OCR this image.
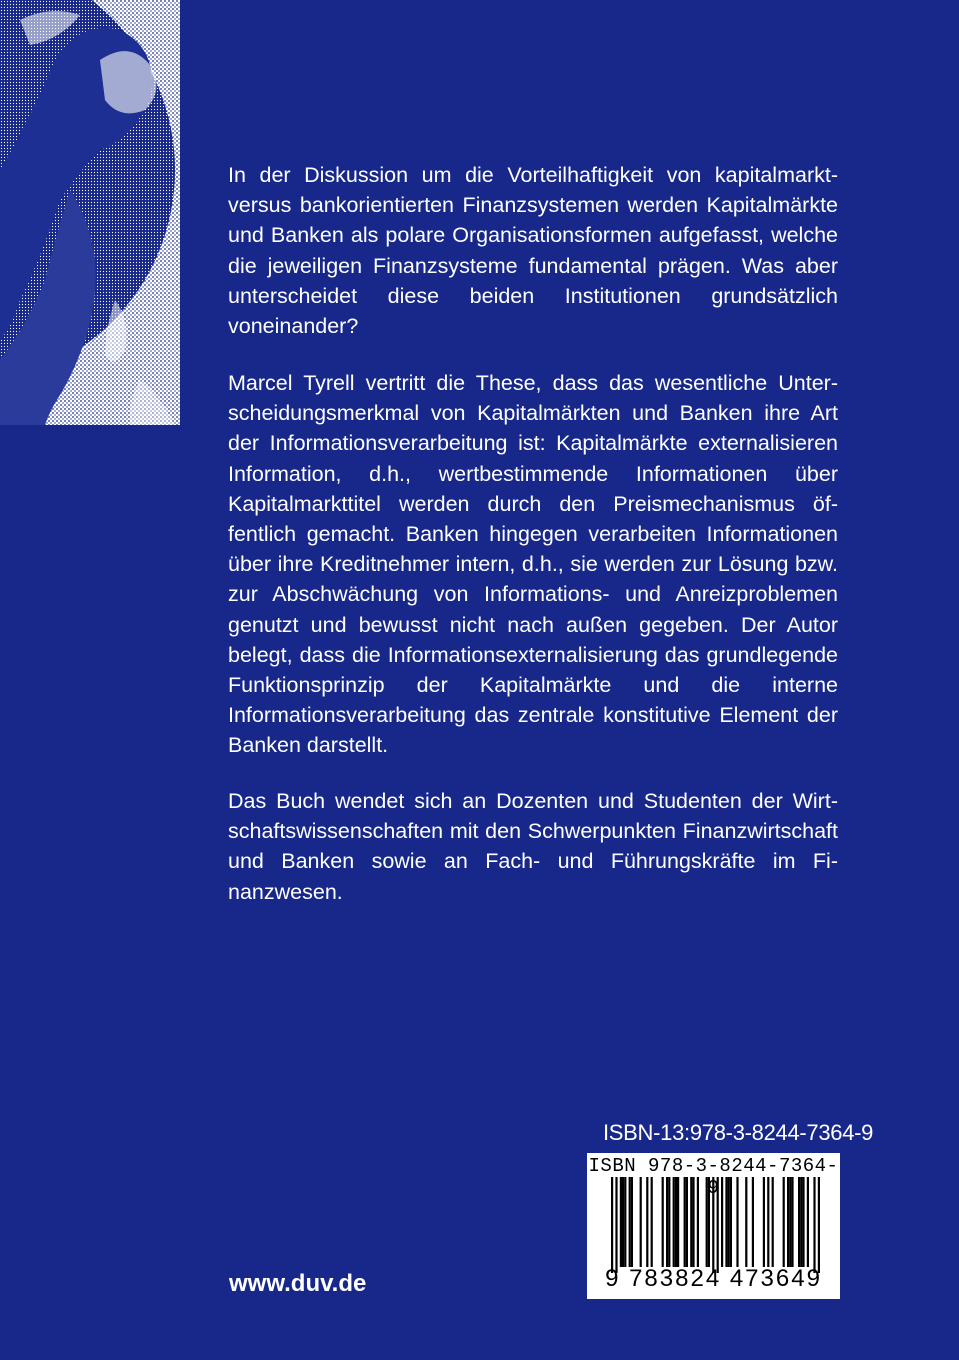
In der Diskussion um die Vorteilhaftigkeit von kapitalmarktversus bankorientierten Finanzsystemen werden Kapitalmärkte und Banken als polare Organisationsformen aufgefasst, welche die jeweiligen Finanzsysteme fundamental prägen. Was aber unterscheidet diese beiden Institutionen grundsätzlich voneinander?

Marcel Tyrell vertritt die These, dass das wesentliche Unterscheidungsmerkmal von Kapitalmärkten und Banken ihre Art der Informationsverarbeitung ist: Kapitalmärkte externalisieren Information, d.h., wertbestimmende Informationen über Kapitalmarkttitel werden durch den Preismechanismus öffentlich gemacht. Banken hingegen verarbeiten Informationen über ihre Kreditnehmer intern, d.h., sie werden zur Lösung bzw. zur Abschwächung von Informations- und Anreizproblemen genutzt und bewusst nicht nach außen gegeben. Der Autor belegt, dass die Informationsexternalisierung das grundlegende Funktionsprinzip der Kapitalmärkte und die interne Informationsverarbeitung das zentrale konstitutive Element der Banken darstellt.

Das Buch wendet sich an Dozenten und Studenten der Wirtschaftswissenschaften mit den Schwerpunkten Finanzwirtschaft und Banken sowie an Fach- und Führungskräfte im Finanzwesen.

ISBN-13:978-3-8244-7364-9
ISBN 978-3-8244-7364-9
9 783824 473649
www.duv.de
